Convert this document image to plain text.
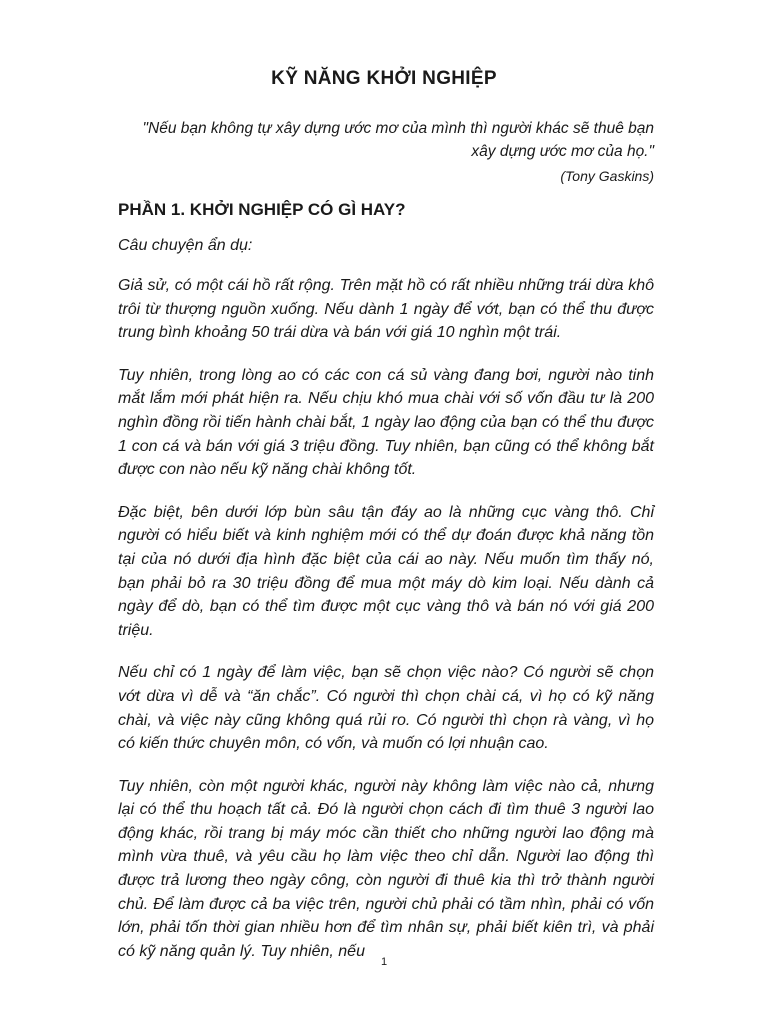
KỸ NĂNG KHỞI NGHIỆP
"Nếu bạn không tự xây dựng ước mơ của mình thì người khác sẽ thuê bạn xây dựng ước mơ của họ."
(Tony Gaskins)
PHẦN 1. KHỞI NGHIỆP CÓ GÌ HAY?
Câu chuyện ẩn dụ:

Giả sử, có một cái hồ rất rộng. Trên mặt hồ có rất nhiều những trái dừa khô trôi từ thượng nguồn xuống. Nếu dành 1 ngày để vớt, bạn có thể thu được trung bình khoảng 50 trái dừa và bán với giá 10 nghìn một trái.

Tuy nhiên, trong lòng ao có các con cá sủ vàng đang bơi, người nào tinh mắt lắm mới phát hiện ra. Nếu chịu khó mua chài với số vốn đầu tư là 200 nghìn đồng rồi tiến hành chài bắt, 1 ngày lao động của bạn có thể thu được 1 con cá và bán với giá 3 triệu đồng. Tuy nhiên, bạn cũng có thể không bắt được con nào nếu kỹ năng chài không tốt.

Đặc biệt, bên dưới lớp bùn sâu tận đáy ao là những cục vàng thô. Chỉ người có hiểu biết và kinh nghiệm mới có thể dự đoán được khả năng tồn tại của nó dưới địa hình đặc biệt của cái ao này. Nếu muốn tìm thấy nó, bạn phải bỏ ra 30 triệu đồng để mua một máy dò kim loại. Nếu dành cả ngày để dò, bạn có thể tìm được một cục vàng thô và bán nó với giá 200 triệu.

Nếu chỉ có 1 ngày để làm việc, bạn sẽ chọn việc nào? Có người sẽ chọn vớt dừa vì dễ và “ăn chắc”. Có người thì chọn chài cá, vì họ có kỹ năng chài, và việc này cũng không quá rủi ro. Có người thì chọn rà vàng, vì họ có kiến thức chuyên môn, có vốn, và muốn có lợi nhuận cao.

Tuy nhiên, còn một người khác, người này không làm việc nào cả, nhưng lại có thể thu hoạch tất cả. Đó là người chọn cách đi tìm thuê 3 người lao động khác, rồi trang bị máy móc cần thiết cho những người lao động mà mình vừa thuê, và yêu cầu họ làm việc theo chỉ dẫn. Người lao động thì được trả lương theo ngày công, còn người đi thuê kia thì trở thành người chủ. Để làm được cả ba việc trên, người chủ phải có tầm nhìn, phải có vốn lớn, phải tốn thời gian nhiều hơn để tìm nhân sự, phải biết kiên trì, và phải có kỹ năng quản lý. Tuy nhiên, nếu

1
